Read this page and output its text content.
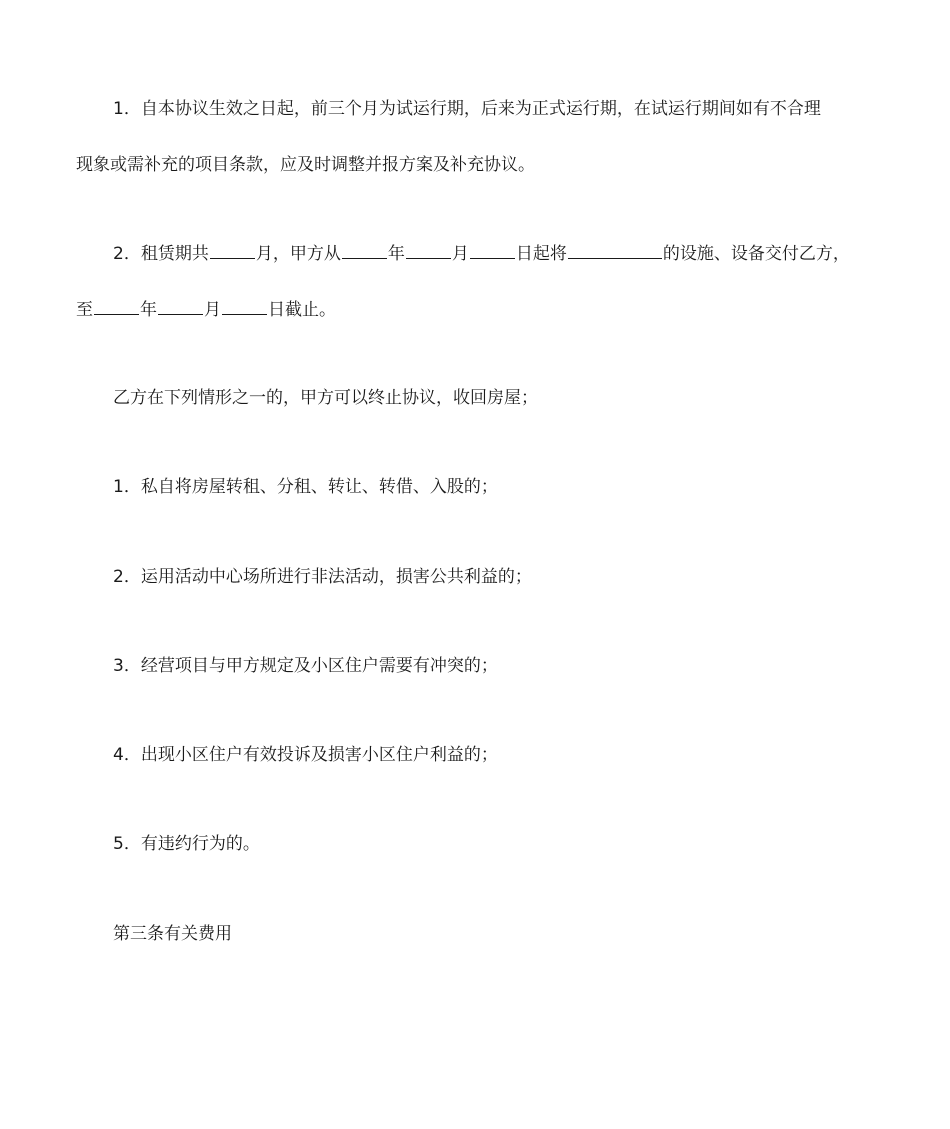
1．自本协议生效之日起，前三个月为试运行期，后来为正式运行期，在试运行期间如有不合理
现象或需补充的项目条款，应及时调整并报方案及补充协议。

2．租赁期共	月，甲方从	年	月	日起将	的设施、设备交付乙方，
至	年	月	日截止。

乙方在下列情形之一的，甲方可以终止协议，收回房屋；

1．私自将房屋转租、分租、转让、转借、入股的；

2．运用活动中心场所进行非法活动，损害公共利益的；

3．经营项目与甲方规定及小区住户需要有冲突的；

4．出现小区住户有效投诉及损害小区住户利益的；

5．有违约行为的。

第三条有关费用
